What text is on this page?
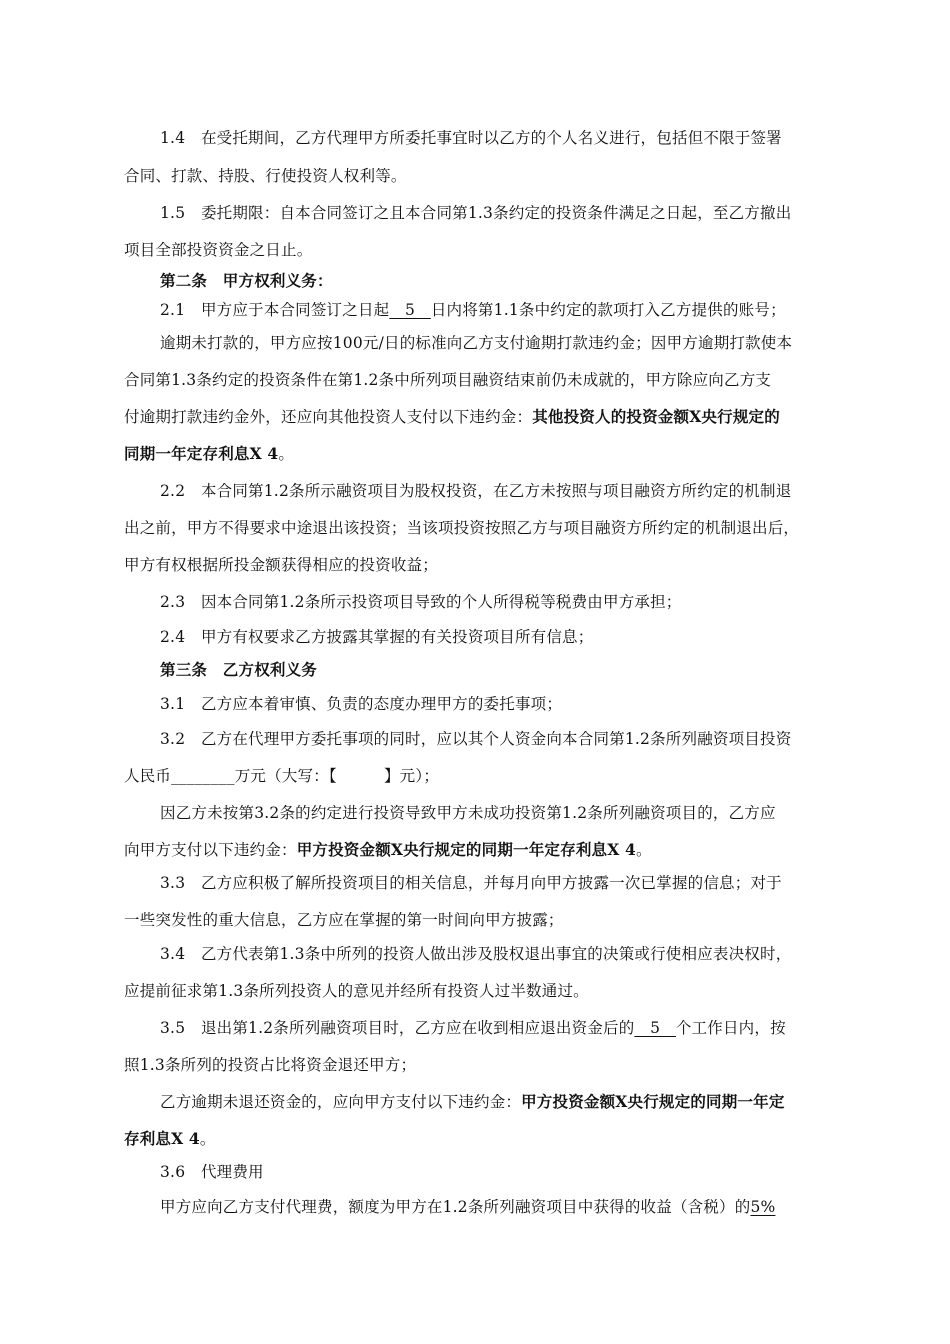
1.4　在受托期间，乙方代理甲方所委托事宜时以乙方的个人名义进行，包括但不限于签署
合同、打款、持股、行使投资人权利等。
1.5　委托期限：自本合同签订之且本合同第1.3条约定的投资条件满足之日起，至乙方撤出
项目全部投资资金之日止。
第二条　甲方权利义务：
2.1　甲方应于本合同签订之日起　5　日内将第1.1条中约定的款项打入乙方提供的账号；
逾期未打款的，甲方应按100元/日的标准向乙方支付逾期打款违约金；因甲方逾期打款使本
合同第1.3条约定的投资条件在第1.2条中所列项目融资结束前仍未成就的，甲方除应向乙方支
付逾期打款违约金外，还应向其他投资人支付以下违约金：其他投资人的投资金额X央行规定的
同期一年定存利息X 4。
2.2　本合同第1.2条所示融资项目为股权投资，在乙方未按照与项目融资方所约定的机制退
出之前，甲方不得要求中途退出该投资；当该项投资按照乙方与项目融资方所约定的机制退出后，
甲方有权根据所投金额获得相应的投资收益；
2.3　因本合同第1.2条所示投资项目导致的个人所得税等税费由甲方承担；
2.4　甲方有权要求乙方披露其掌握的有关投资项目所有信息；
第三条　乙方权利义务
3.1　乙方应本着审慎、负责的态度办理甲方的委托事项；
3.2　乙方在代理甲方委托事项的同时，应以其个人资金向本合同第1.2条所列融资项目投资
人民币________万元（大写：【　　　	】元）；
因乙方未按第3.2条的约定进行投资导致甲方未成功投资第1.2条所列融资项目的，乙方应
向甲方支付以下违约金：甲方投资金额X央行规定的同期一年定存利息X 4。
3.3　乙方应积极了解所投资项目的相关信息，并每月向甲方披露一次已掌握的信息；对于
一些突发性的重大信息，乙方应在掌握的第一时间向甲方披露；
3.4　乙方代表第1.3条中所列的投资人做出涉及股权退出事宜的决策或行使相应表决权时，
应提前征求第1.3条所列投资人的意见并经所有投资人过半数通过。
3.5　退出第1.2条所列融资项目时，乙方应在收到相应退出资金后的　5　个工作日内，按
照1.3条所列的投资占比将资金退还甲方；
乙方逾期未退还资金的，应向甲方支付以下违约金：甲方投资金额X央行规定的同期一年定
存利息X 4。
3.6　代理费用
甲方应向乙方支付代理费，额度为甲方在1.2条所列融资项目中获得的收益（含税）的5%
